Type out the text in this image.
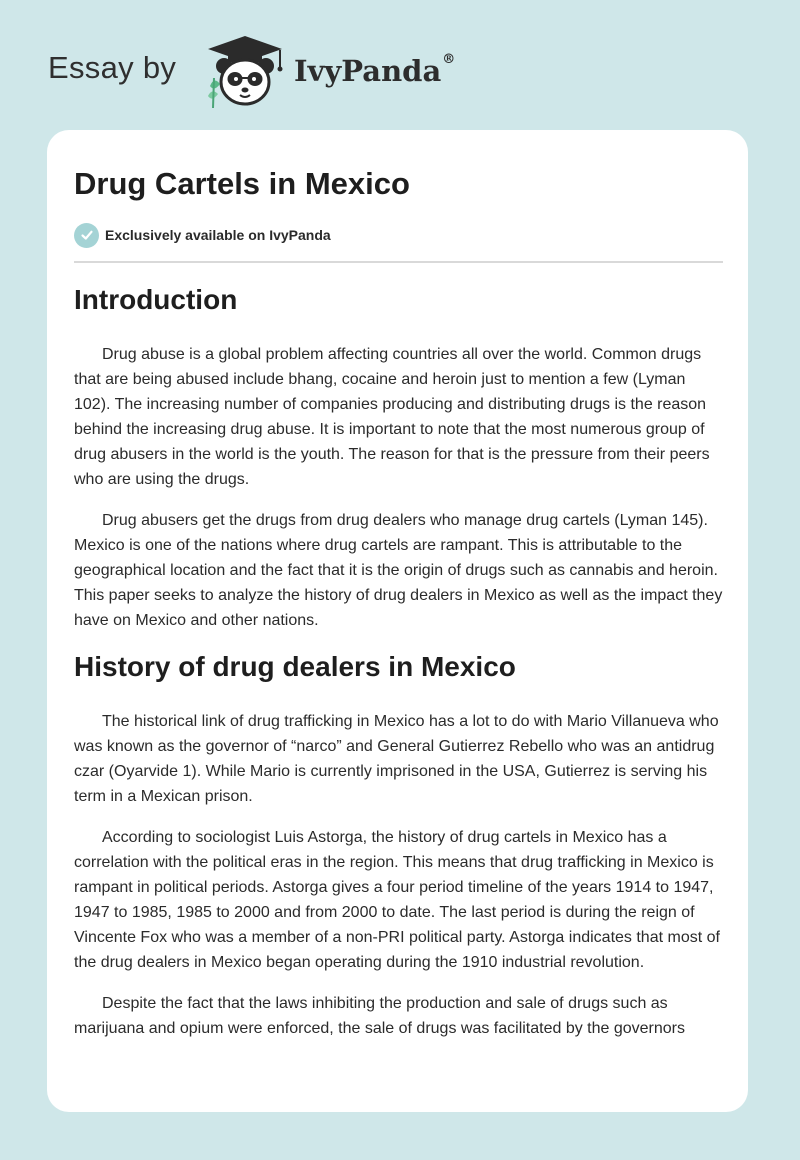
Essay by	IvyPanda®
Drug Cartels in Mexico
Exclusively available on IvyPanda
Introduction

Drug abuse is a global problem affecting countries all over the world. Common drugs that are being abused include bhang, cocaine and heroin just to mention a few (Lyman 102). The increasing number of companies producing and distributing drugs is the reason behind the increasing drug abuse. It is important to note that the most numerous group of drug abusers in the world is the youth. The reason for that is the pressure from their peers who are using the drugs.

Drug abusers get the drugs from drug dealers who manage drug cartels (Lyman 145). Mexico is one of the nations where drug cartels are rampant. This is attributable to the geographical location and the fact that it is the origin of drugs such as cannabis and heroin. This paper seeks to analyze the history of drug dealers in Mexico as well as the impact they have on Mexico and other nations.

History of drug dealers in Mexico

The historical link of drug trafficking in Mexico has a lot to do with Mario Villanueva who was known as the governor of “narco” and General Gutierrez Rebello who was an antidrug czar (Oyarvide 1). While Mario is currently imprisoned in the USA, Gutierrez is serving his term in a Mexican prison.

According to sociologist Luis Astorga, the history of drug cartels in Mexico has a correlation with the political eras in the region. This means that drug trafficking in Mexico is rampant in political periods. Astorga gives a four period timeline of the years 1914 to 1947, 1947 to 1985, 1985 to 2000 and from 2000 to date. The last period is during the reign of Vincente Fox who was a member of a non-PRI political party. Astorga indicates that most of the drug dealers in Mexico began operating during the 1910 industrial revolution.

Despite the fact that the laws inhibiting the production and sale of drugs such as marijuana and opium were enforced, the sale of drugs was facilitated by the governors
